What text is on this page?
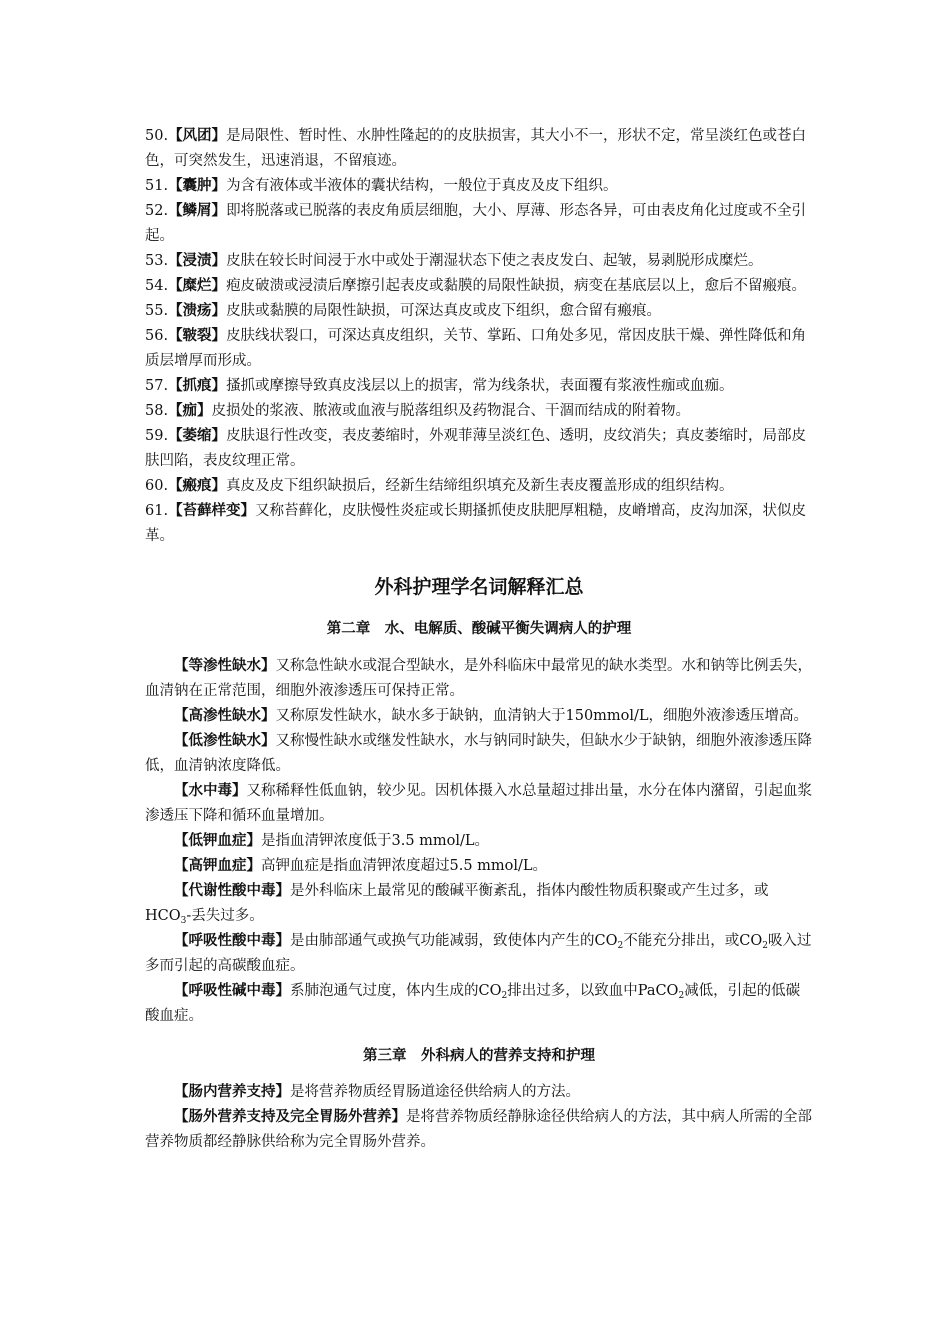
50.【风团】是局限性、暂时性、水肿性隆起的的皮肤损害，其大小不一，形状不定，常呈淡红色或苍白色，可突然发生，迅速消退，不留痕迹。

51.【囊肿】为含有液体或半液体的囊状结构，一般位于真皮及皮下组织。

52.【鳞屑】即将脱落或已脱落的表皮角质层细胞，大小、厚薄、形态各异，可由表皮角化过度或不全引起。

53.【浸渍】皮肤在较长时间浸于水中或处于潮湿状态下使之表皮发白、起皱，易剥脱形成糜烂。

54.【糜烂】疱皮破溃或浸渍后摩擦引起表皮或黏膜的局限性缺损，病变在基底层以上，愈后不留瘢痕。

55.【溃疡】皮肤或黏膜的局限性缺损，可深达真皮或皮下组织，愈合留有瘢痕。

56.【皲裂】皮肤线状裂口，可深达真皮组织，关节、掌跖、口角处多见，常因皮肤干燥、弹性降低和角质层增厚而形成。

57.【抓痕】搔抓或摩擦导致真皮浅层以上的损害，常为线条状，表面覆有浆液性痂或血痂。

58.【痂】皮损处的浆液、脓液或血液与脱落组织及药物混合、干涸而结成的附着物。

59.【萎缩】皮肤退行性改变，表皮萎缩时，外观菲薄呈淡红色、透明，皮纹消失；真皮萎缩时，局部皮肤凹陷，表皮纹理正常。

60.【瘢痕】真皮及皮下组织缺损后，经新生结缔组织填充及新生表皮覆盖形成的组织结构。

61.【苔藓样变】又称苔藓化，皮肤慢性炎症或长期搔抓使皮肤肥厚粗糙，皮嵴增高，皮沟加深，状似皮革。

外科护理学名词解释汇总
第二章　水、电解质、酸碱平衡失调病人的护理

【等渗性缺水】又称急性缺水或混合型缺水，是外科临床中最常见的缺水类型。水和钠等比例丢失，血清钠在正常范围，细胞外液渗透压可保持正常。

【高渗性缺水】又称原发性缺水，缺水多于缺钠，血清钠大于150mmol/L，细胞外液渗透压增高。

【低渗性缺水】又称慢性缺水或继发性缺水，水与钠同时缺失，但缺水少于缺钠，细胞外液渗透压降低，血清钠浓度降低。

【水中毒】又称稀释性低血钠，较少见。因机体摄入水总量超过排出量，水分在体内潴留，引起血浆渗透压下降和循环血量增加。

【低钾血症】是指血清钾浓度低于3.5 mmol/L。

【高钾血症】高钾血症是指血清钾浓度超过5.5 mmol/L。

【代谢性酸中毒】是外科临床上最常见的酸碱平衡紊乱，指体内酸性物质积聚或产生过多，或$HCO_3-$丢失过多。

【呼吸性酸中毒】是由肺部通气或换气功能减弱，致使体内产生的$CO_2$不能充分排出，或$CO_2$吸入过多而引起的高碳酸血症。

【呼吸性碱中毒】系肺泡通气过度，体内生成的$CO_2$排出过多，以致血中PaCO$_2$减低，引起的低碳酸血症。

第三章　外科病人的营养支持和护理

【肠内营养支持】是将营养物质经胃肠道途径供给病人的方法。

【肠外营养支持及完全胃肠外营养】是将营养物质经静脉途径供给病人的方法，其中病人所需的全部营养物质都经静脉供给称为完全胃肠外营养。
